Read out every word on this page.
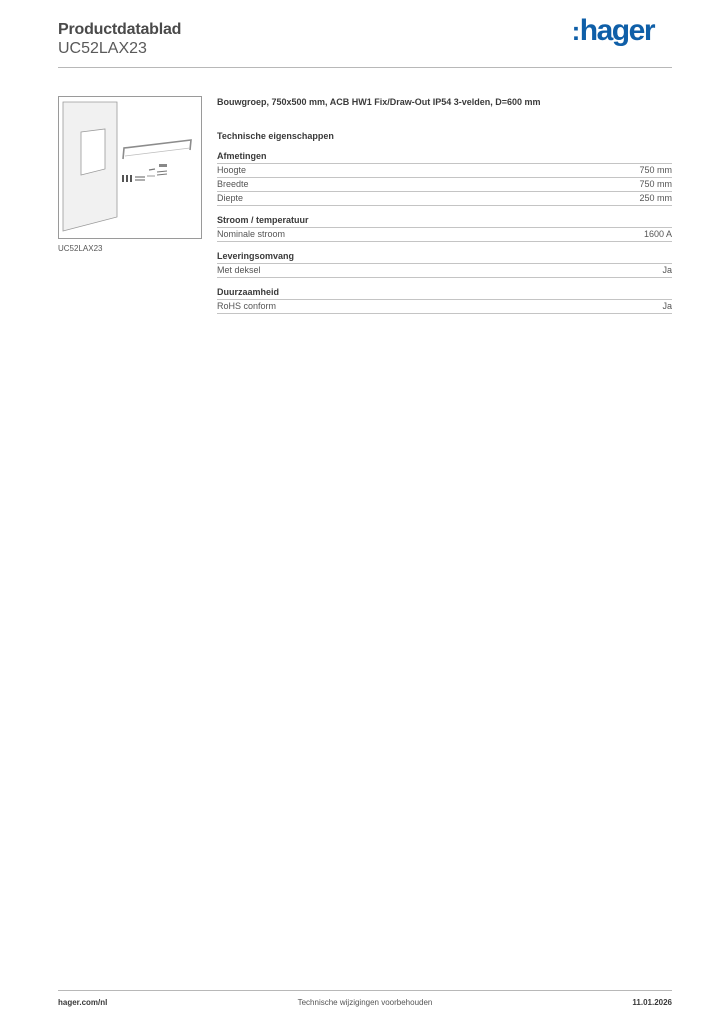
Productdatablad
UC52LAX23
:hager
UC52LAX23
Bouwgroep, 750x500 mm, ACB HW1 Fix/Draw-Out IP54 3-velden, D=600 mm
Technische eigenschappen
Afmetingen
Hoogte	750 mm
Breedte	750 mm
Diepte	250 mm
Stroom / temperatuur
Nominale stroom	1600 A
Leveringsomvang
Met deksel	Ja
Duurzaamheid
RoHS conform	Ja
hager.com/nl	Technische wijzigingen voorbehouden	11.01.2026
